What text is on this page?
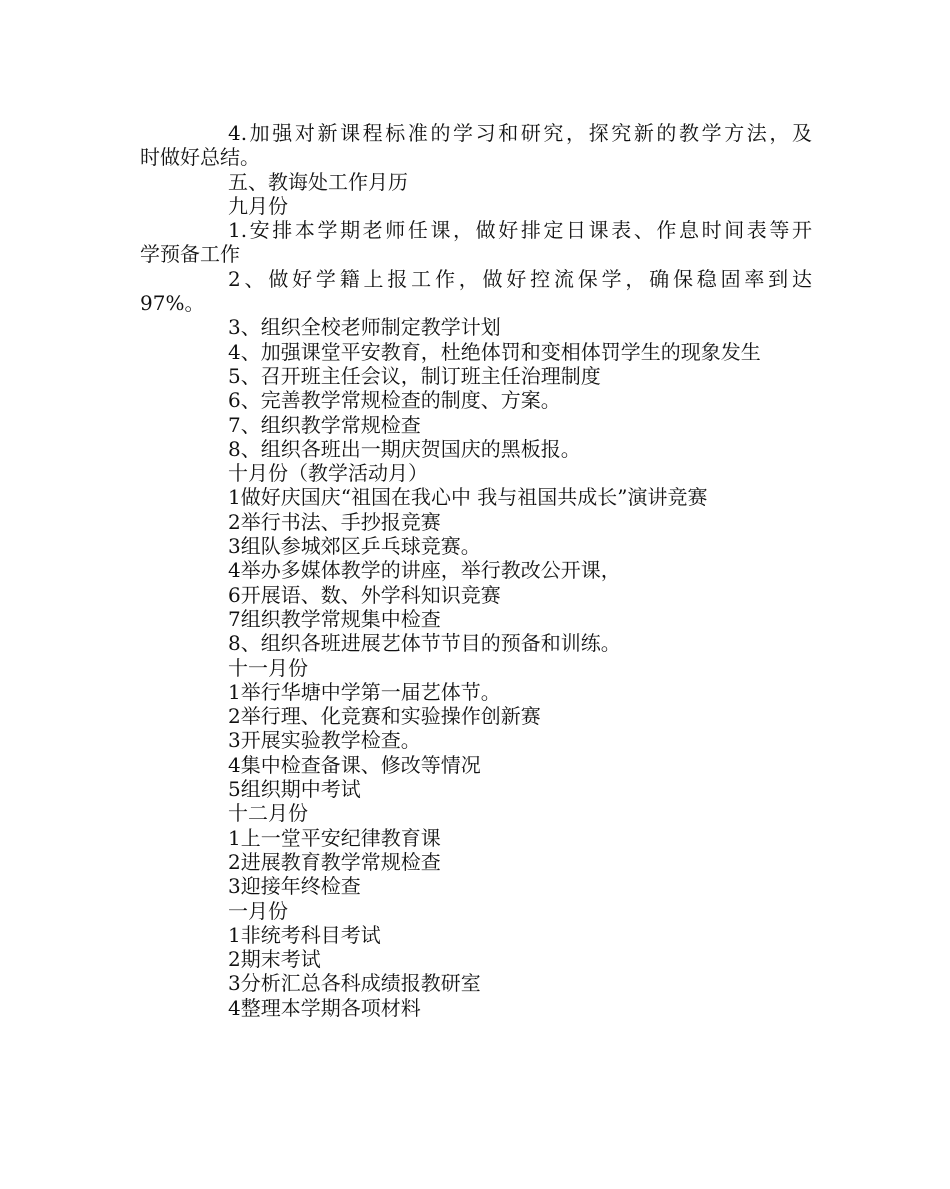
4.加强对新课程标准的学习和研究，探究新的教学方法，及
时做好总结。
五、教诲处工作月历
九月份
1.安排本学期老师任课，做好排定日课表、作息时间表等开
学预备工作
2、做好学籍上报工作，做好控流保学，确保稳固率到达
97%。
3、组织全校老师制定教学计划
4、加强课堂平安教育，杜绝体罚和变相体罚学生的现象发生
5、召开班主任会议，制订班主任治理制度
6、完善教学常规检查的制度、方案。
7、组织教学常规检查
8、组织各班出一期庆贺国庆的黑板报。
十月份（教学活动月）
1做好庆国庆“祖国在我心中 我与祖国共成长”演讲竞赛
2举行书法、手抄报竞赛
3组队参城郊区乒乓球竞赛。
4举办多媒体教学的讲座，举行教改公开课，
6开展语、数、外学科知识竞赛
7组织教学常规集中检查
8、组织各班进展艺体节节目的预备和训练。
十一月份
1举行华塘中学第一届艺体节。
2举行理、化竞赛和实验操作创新赛
3开展实验教学检查。
4集中检查备课、修改等情况
5组织期中考试
十二月份
1上一堂平安纪律教育课
2进展教育教学常规检查
3迎接年终检查
一月份
1非统考科目考试
2期末考试
3分析汇总各科成绩报教研室
4整理本学期各项材料
